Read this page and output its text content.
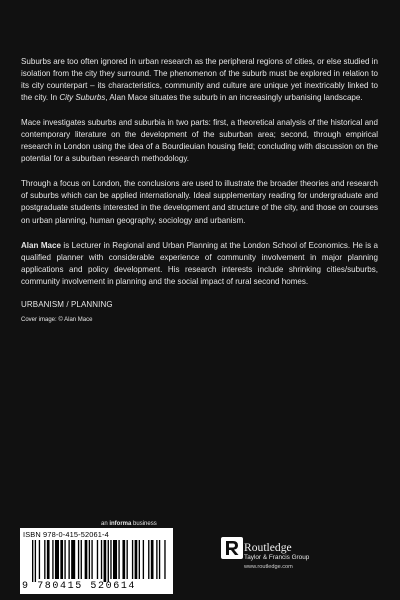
Suburbs are too often ignored in urban research as the peripheral regions of cities, or else studied in isolation from the city they surround. The phenomenon of the suburb must be explored in relation to its city counterpart – its characteristics, community and culture are unique yet inextricably linked to the city. In City Suburbs, Alan Mace situates the suburb in an increasingly urbanising landscape.

Mace investigates suburbs and suburbia in two parts: first, a theoretical analysis of the historical and contemporary literature on the development of the suburban area; second, through empirical research in London using the idea of a Bourdieuian housing field; concluding with discussion on the potential for a suburban research methodology.

Through a focus on London, the conclusions are used to illustrate the broader theories and research of suburbs which can be applied internationally. Ideal supplementary reading for undergraduate and postgraduate students interested in the development and structure of the city, and those on courses on urban planning, human geography, sociology and urbanism.

Alan Mace is Lecturer in Regional and Urban Planning at the London School of Economics. He is a qualified planner with considerable experience of community involvement in major planning applications and policy development. His research interests include shrinking cities/suburbs, community involvement in planning and the social impact of rural second homes.

URBANISM / PLANNING

Cover image: © Alan Mace

an informa business
ISBN 978-0-415-52061-4
9 780415 520614
Routledge
Taylor & Francis Group
www.routledge.com
